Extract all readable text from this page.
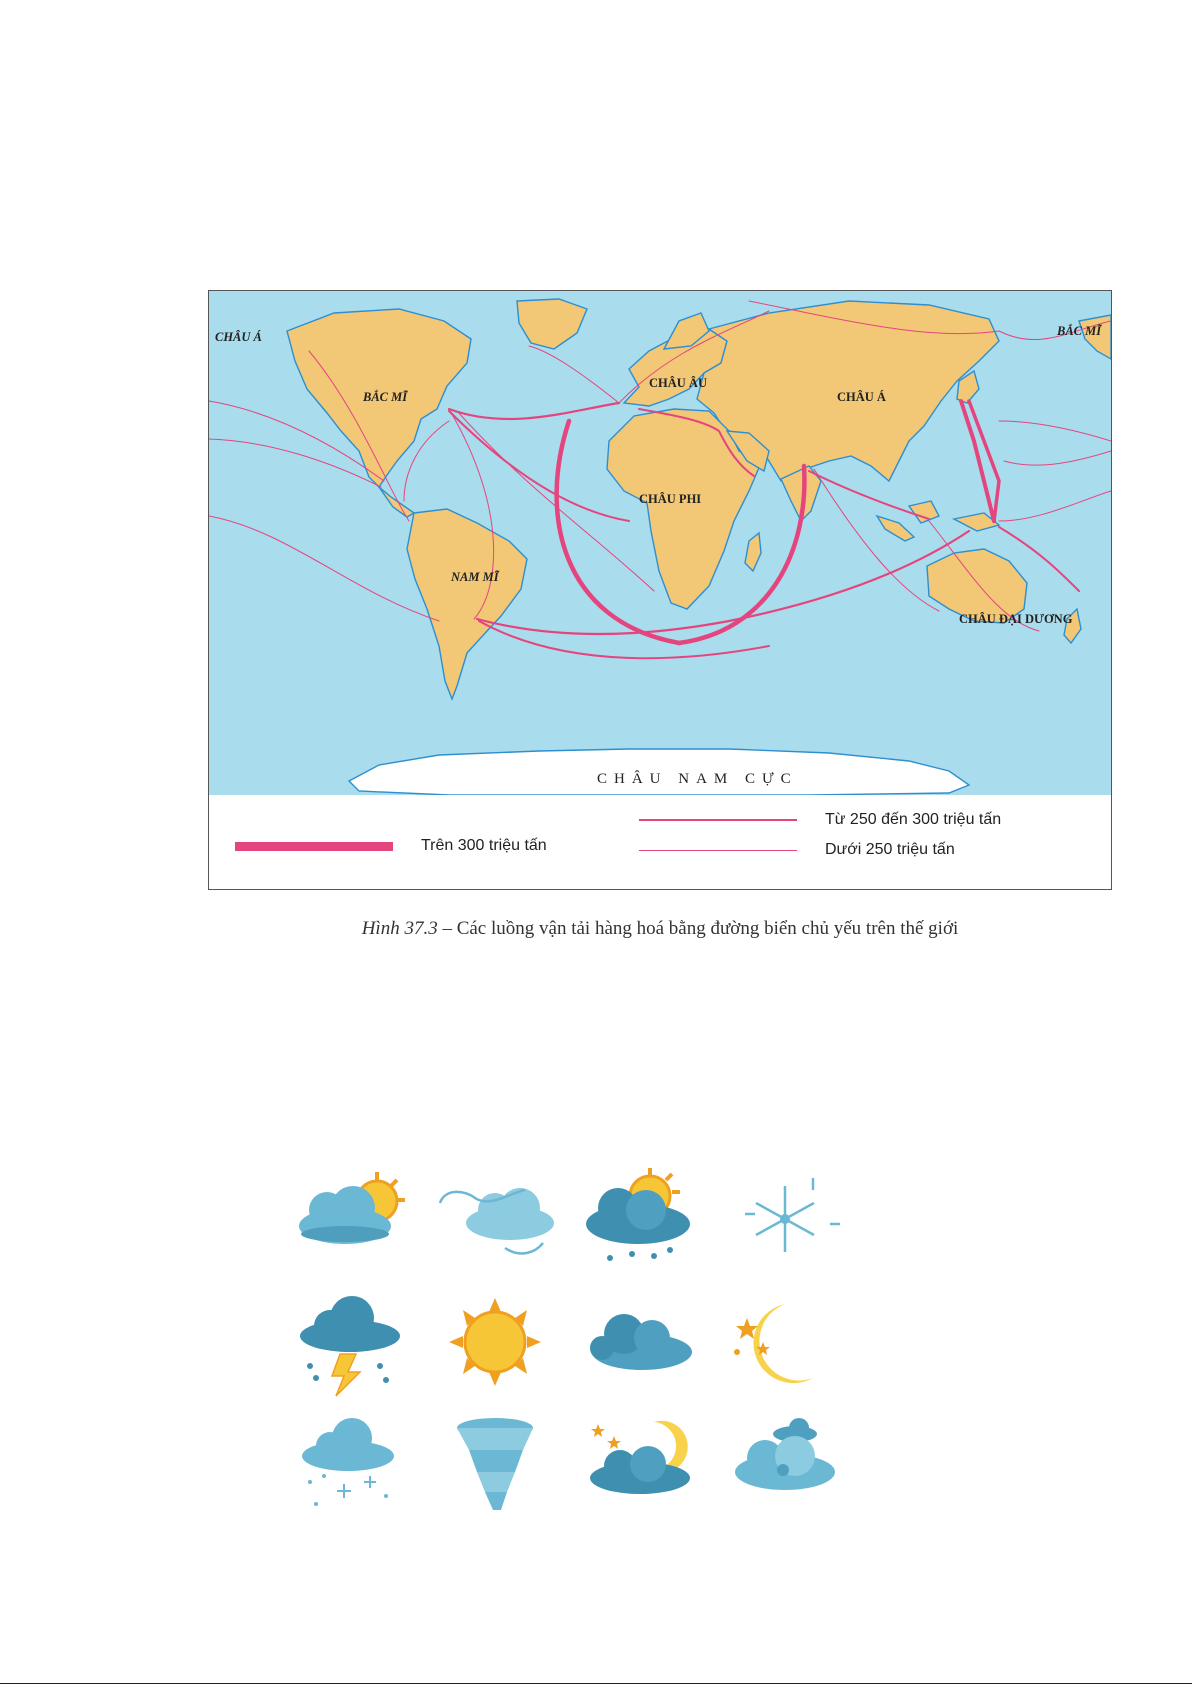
CHÂU Á	BẮC MĨ
BẮC MĨ
CHÂU ÂU
CHÂU Á
CHÂU PHI
NAM MĨ
CHÂU ĐẠI DƯƠNG
CHÂU NAM CỰC
Trên 300 triệu tấn
Từ 250 đến 300 triệu tấn
Dưới 250 triệu tấn
Hình 37.3 – Các luồng vận tải hàng hoá bằng đường biển chủ yếu trên thế giới
